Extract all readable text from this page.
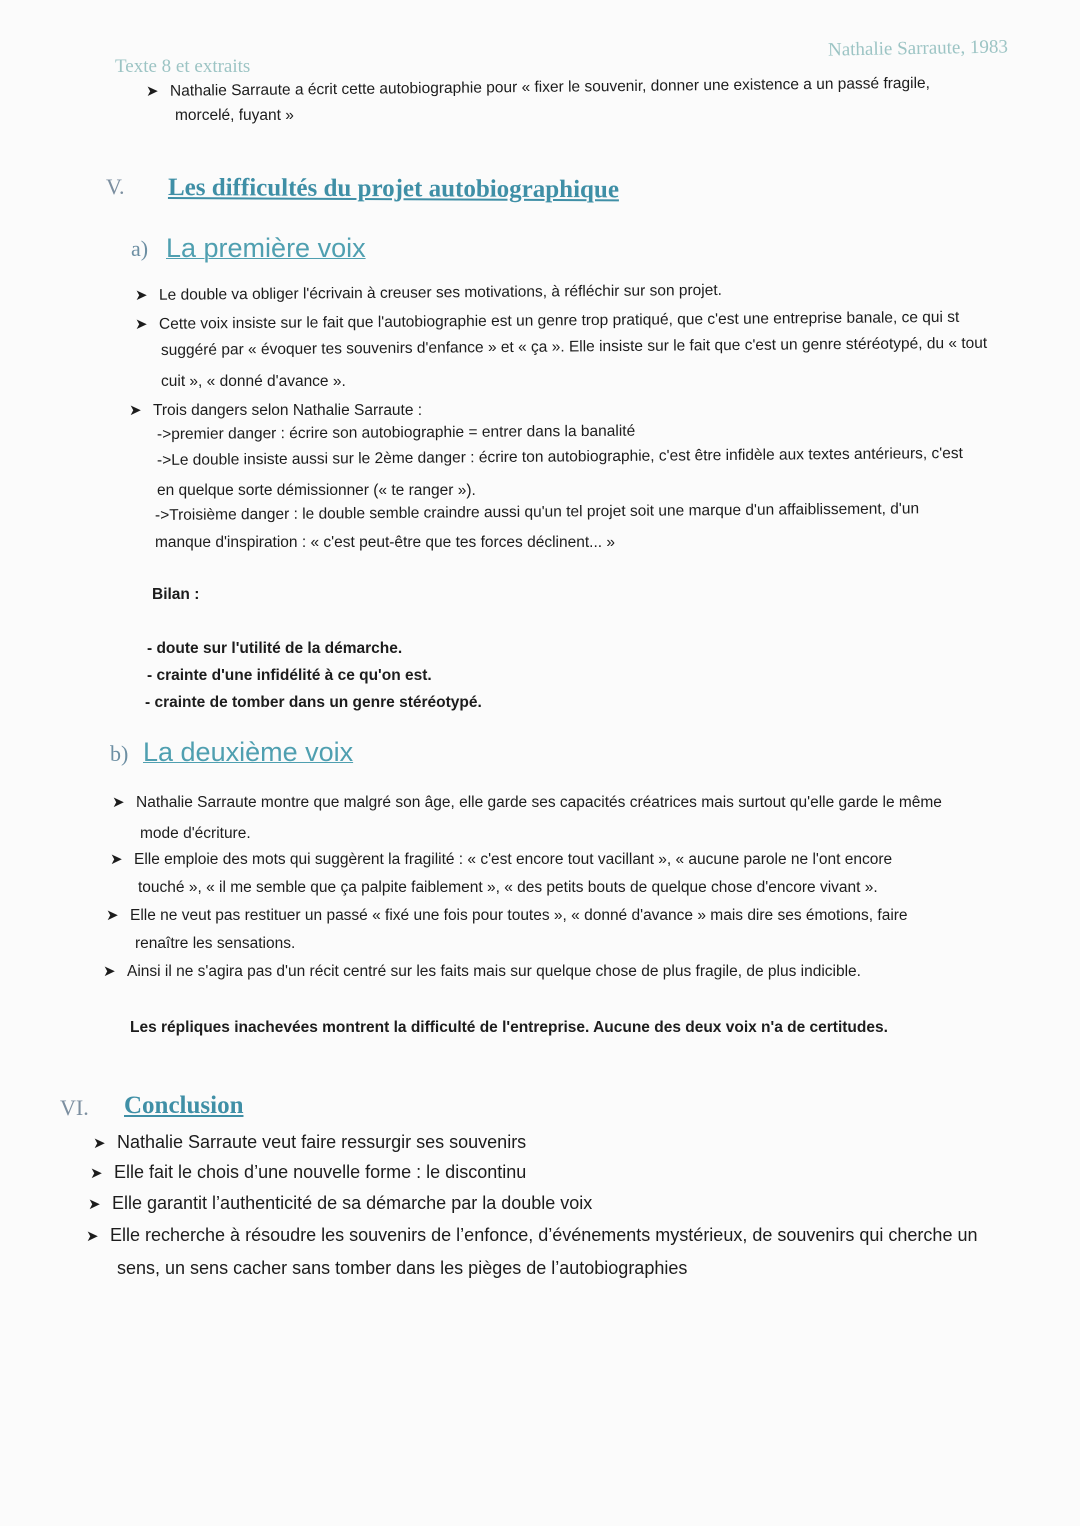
Texte 8 et extraits
Nathalie Sarraute, 1983
➤ Nathalie Sarraute a écrit cette autobiographie pour « fixer le souvenir, donner une existence a un passé fragile,
morcelé, fuyant »
V. Les difficultés du projet autobiographique
a) La première voix
➤ Le double va obliger l'écrivain à creuser ses motivations, à réfléchir sur son projet.
➤ Cette voix insiste sur le fait que l'autobiographie est un genre trop pratiqué, que c'est une entreprise banale, ce qui st
suggéré par « évoquer tes souvenirs d'enfance » et « ça ». Elle insiste sur le fait que c'est un genre stéréotypé, du « tout
cuit », « donné d'avance ».
➤ Trois dangers selon Nathalie Sarraute :
->premier danger : écrire son autobiographie = entrer dans la banalité
->Le double insiste aussi sur le 2ème danger : écrire ton autobiographie, c'est être infidèle aux textes antérieurs, c'est
en quelque sorte démissionner (« te ranger »).
->Troisième danger : le double semble craindre aussi qu'un tel projet soit une marque d'un affaiblissement, d'un
manque d'inspiration : « c'est peut-être que tes forces déclinent... »
Bilan :
- doute sur l'utilité de la démarche.
- crainte d'une infidélité à ce qu'on est.
- crainte de tomber dans un genre stéréotypé.
b) La deuxième voix
➤ Nathalie Sarraute montre que malgré son âge, elle garde ses capacités créatrices mais surtout qu'elle garde le même
mode d'écriture.
➤ Elle emploie des mots qui suggèrent la fragilité : « c'est encore tout vacillant », « aucune parole ne l'ont encore
touché », « il me semble que ça palpite faiblement », « des petits bouts de quelque chose d'encore vivant ».
➤ Elle ne veut pas restituer un passé « fixé une fois pour toutes », « donné d'avance » mais dire ses émotions, faire
renaître les sensations.
➤ Ainsi il ne s'agira pas d'un récit centré sur les faits mais sur quelque chose de plus fragile, de plus indicible.
Les répliques inachevées montrent la difficulté de l'entreprise. Aucune des deux voix n'a de certitudes.
VI. Conclusion
➤ Nathalie Sarraute veut faire ressurgir ses souvenirs
➤ Elle fait le chois d’une nouvelle forme : le discontinu
➤ Elle garantit l’authenticité de sa démarche par la double voix
➤ Elle recherche à résoudre les souvenirs de l’enfonce, d’événements mystérieux, de souvenirs qui cherche un
sens, un sens cacher sans tomber dans les pièges de l’autobiographies
